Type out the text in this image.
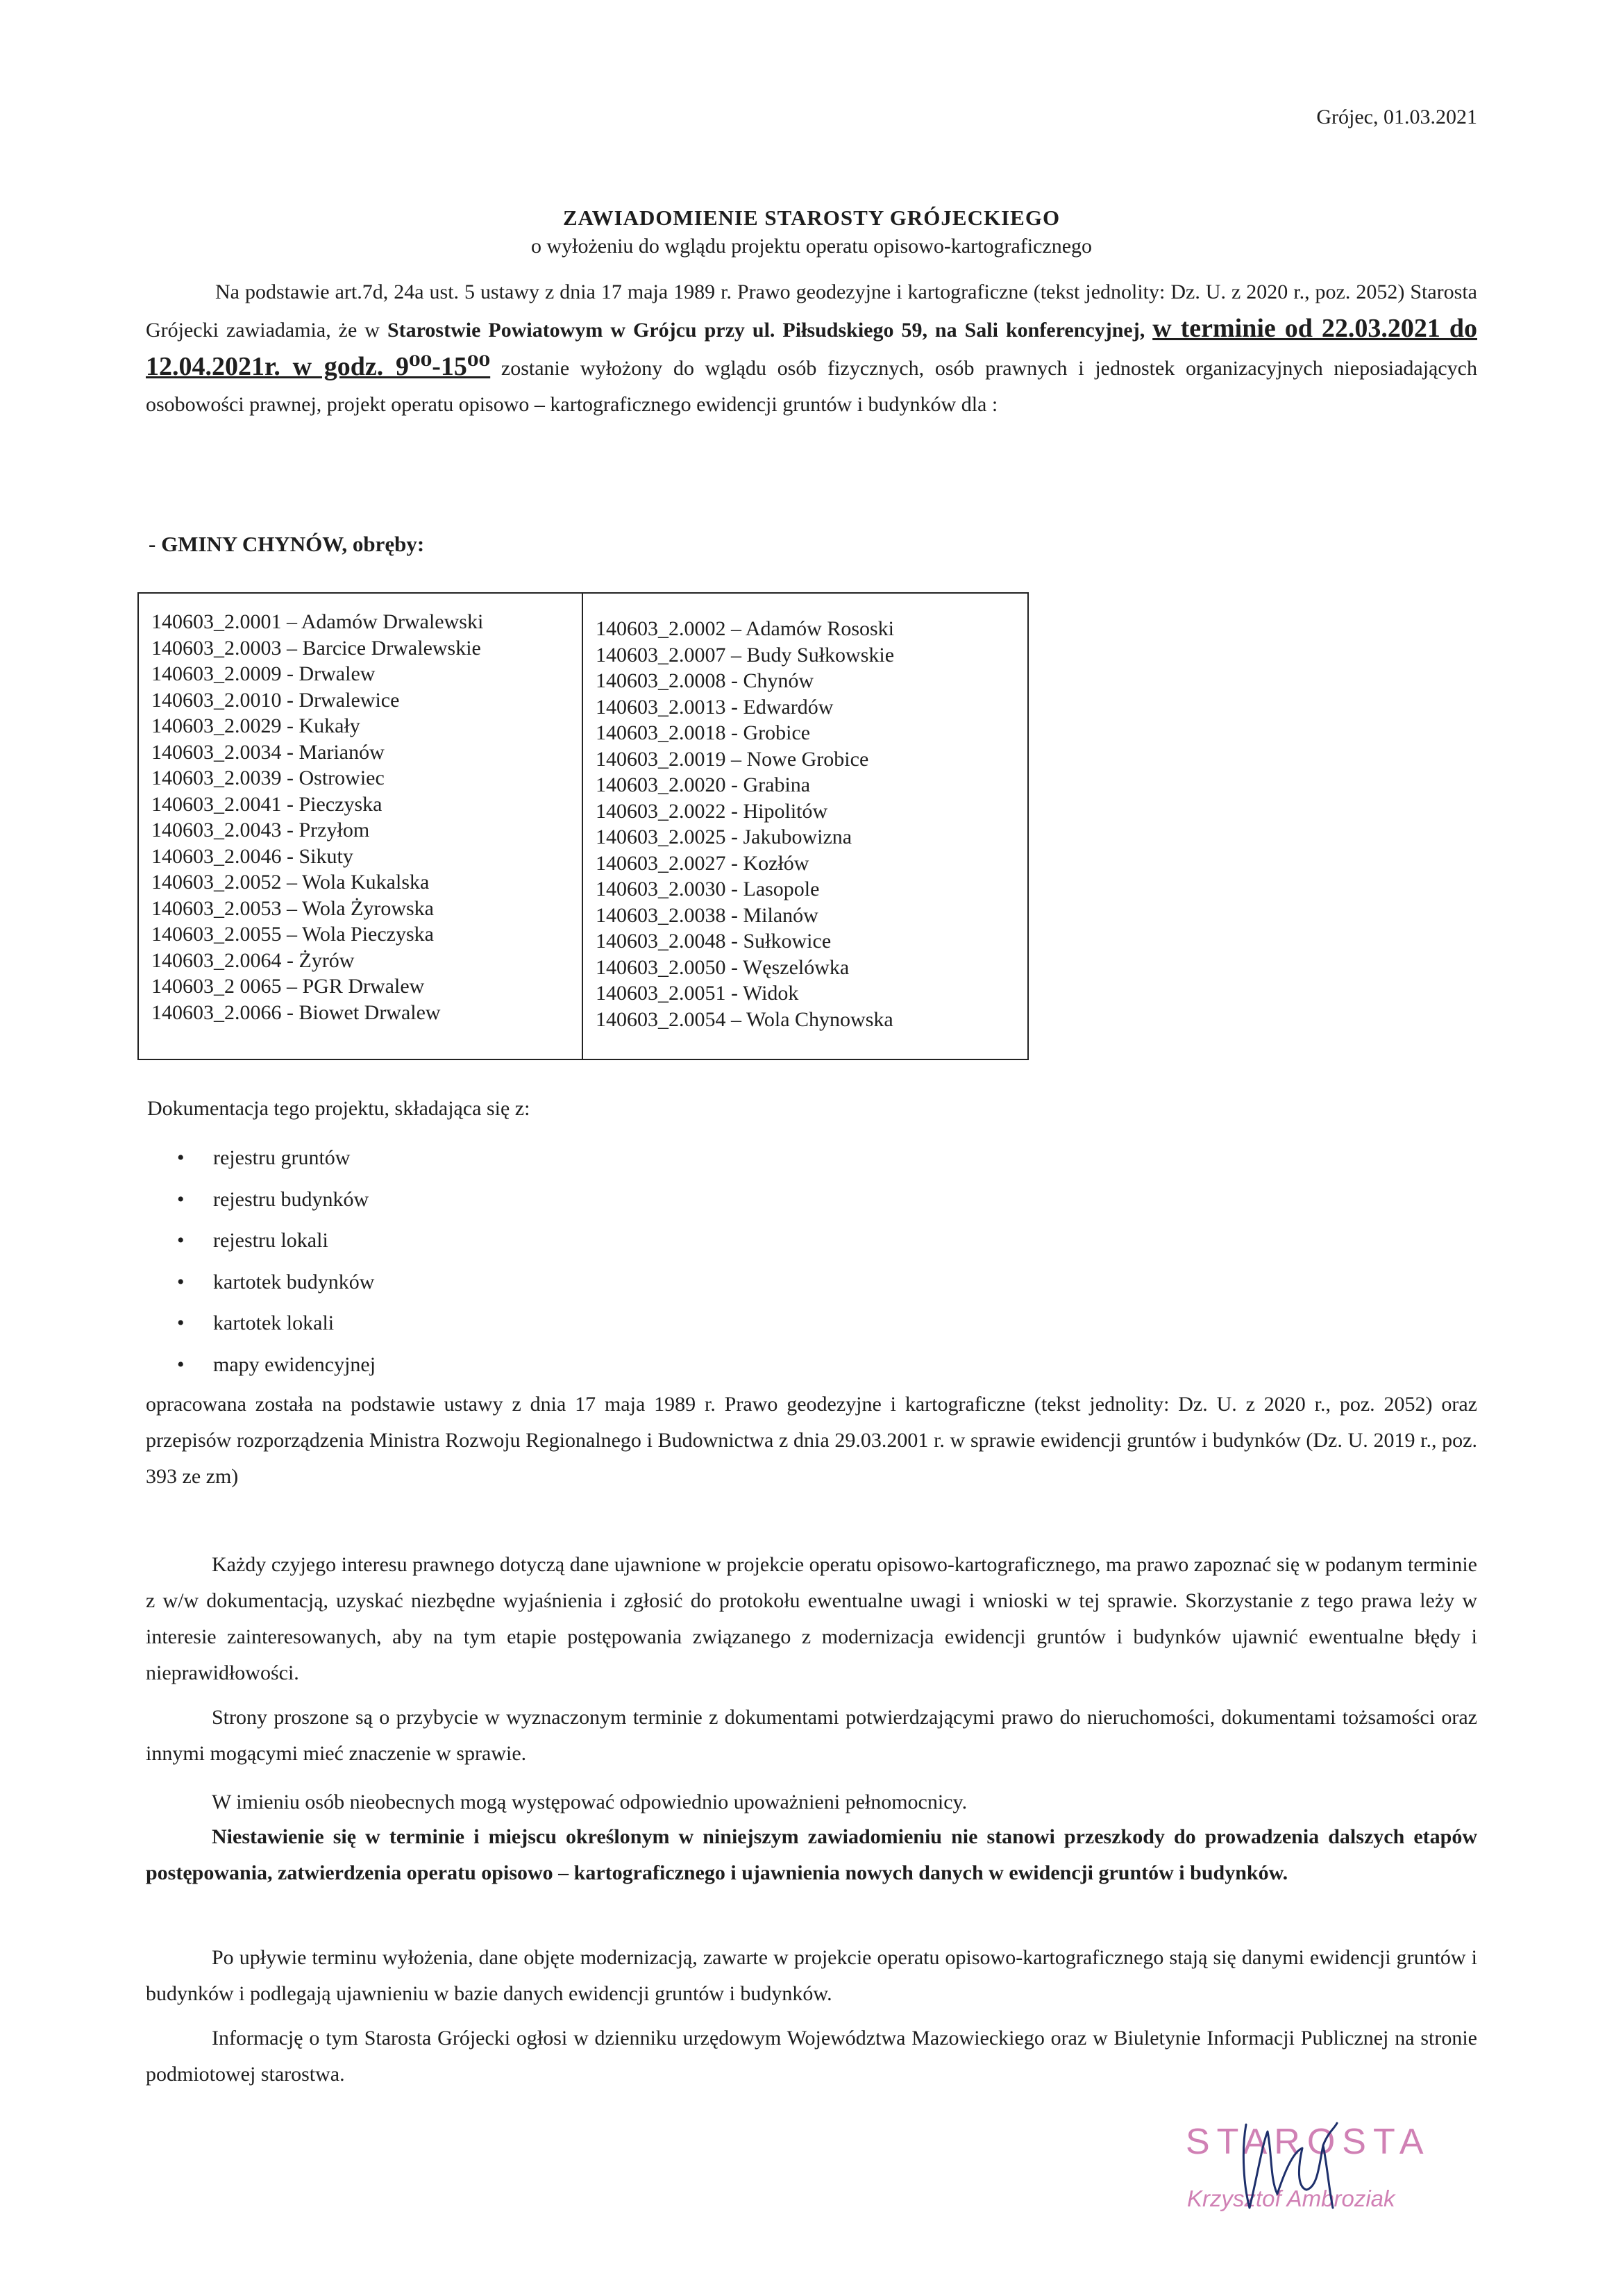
Grójec, 01.03.2021
ZAWIADOMIENIE STAROSTY GRÓJECKIEGO
o wyłożeniu do wglądu projektu operatu opisowo-kartograficznego
Na podstawie art.7d, 24a ust. 5 ustawy z dnia 17 maja 1989 r. Prawo geodezyjne i kartograficzne (tekst jednolity: Dz. U. z 2020 r., poz. 2052) Starosta Grójecki zawiadamia, że w Starostwie Powiatowym w Grójcu przy ul. Piłsudskiego 59, na Sali konferencyjnej, w terminie od 22.03.2021 do 12.04.2021r. w godz. 9⁰⁰-15⁰⁰ zostanie wyłożony do wglądu osób fizycznych, osób prawnych i jednostek organizacyjnych nieposiadających osobowości prawnej, projekt operatu opisowo – kartograficznego ewidencji gruntów i budynków dla :
- GMINY CHYNÓW, obręby:
140603_2.0001 – Adamów Drwalewski
140603_2.0003 – Barcice Drwalewskie
140603_2.0009 - Drwalew
140603_2.0010 - Drwalewice
140603_2.0029 - Kukały
140603_2.0034 - Marianów
140603_2.0039 - Ostrowiec
140603_2.0041 - Pieczyska
140603_2.0043 - Przyłom
140603_2.0046 - Sikuty
140603_2.0052 – Wola Kukalska
140603_2.0053 – Wola Żyrowska
140603_2.0055 – Wola Pieczyska
140603_2.0064 - Żyrów
140603_2 0065 – PGR Drwalew
140603_2.0066 - Biowet Drwalew
140603_2.0002 – Adamów Rososki
140603_2.0007 – Budy Sułkowskie
140603_2.0008 - Chynów
140603_2.0013 - Edwardów
140603_2.0018 - Grobice
140603_2.0019 – Nowe Grobice
140603_2.0020 - Grabina
140603_2.0022 - Hipolitów
140603_2.0025 - Jakubowizna
140603_2.0027 - Kozłów
140603_2.0030 - Lasopole
140603_2.0038 - Milanów
140603_2.0048 - Sułkowice
140603_2.0050 - Węszelówka
140603_2.0051 - Widok
140603_2.0054 – Wola Chynowska
Dokumentacja tego projektu, składająca się z:
• rejestru gruntów
• rejestru budynków
• rejestru lokali
• kartotek budynków
• kartotek lokali
• mapy ewidencyjnej
opracowana została na podstawie ustawy z dnia 17 maja 1989 r. Prawo geodezyjne i kartograficzne (tekst jednolity: Dz. U. z 2020 r., poz. 2052) oraz przepisów rozporządzenia Ministra Rozwoju Regionalnego i Budownictwa z dnia 29.03.2001 r. w sprawie ewidencji gruntów i budynków (Dz. U. 2019 r., poz. 393 ze zm)
Każdy czyjego interesu prawnego dotyczą dane ujawnione w projekcie operatu opisowo-kartograficznego, ma prawo zapoznać się w podanym terminie z w/w dokumentacją, uzyskać niezbędne wyjaśnienia i zgłosić do protokołu ewentualne uwagi i wnioski w tej sprawie. Skorzystanie z tego prawa leży w interesie zainteresowanych, aby na tym etapie postępowania związanego z modernizacja ewidencji gruntów i budynków ujawnić ewentualne błędy i nieprawidłowości.
Strony proszone są o przybycie w wyznaczonym terminie z dokumentami potwierdzającymi prawo do nieruchomości, dokumentami tożsamości oraz innymi mogącymi mieć znaczenie w sprawie.
W imieniu osób nieobecnych mogą występować odpowiednio upoważnieni pełnomocnicy.
Niestawienie się w terminie i miejscu określonym w niniejszym zawiadomieniu nie stanowi przeszkody do prowadzenia dalszych etapów postępowania, zatwierdzenia operatu opisowo – kartograficznego i ujawnienia nowych danych w ewidencji gruntów i budynków.
Po upływie terminu wyłożenia, dane objęte modernizacją, zawarte w projekcie operatu opisowo-kartograficznego stają się danymi ewidencji gruntów i budynków i podlegają ujawnieniu w bazie danych ewidencji gruntów i budynków.
Informację o tym Starosta Grójecki ogłosi w dzienniku urzędowym Województwa Mazowieckiego oraz w Biuletynie Informacji Publicznej na stronie podmiotowej starostwa.
STAROSTA
Krzysztof Ambroziak
